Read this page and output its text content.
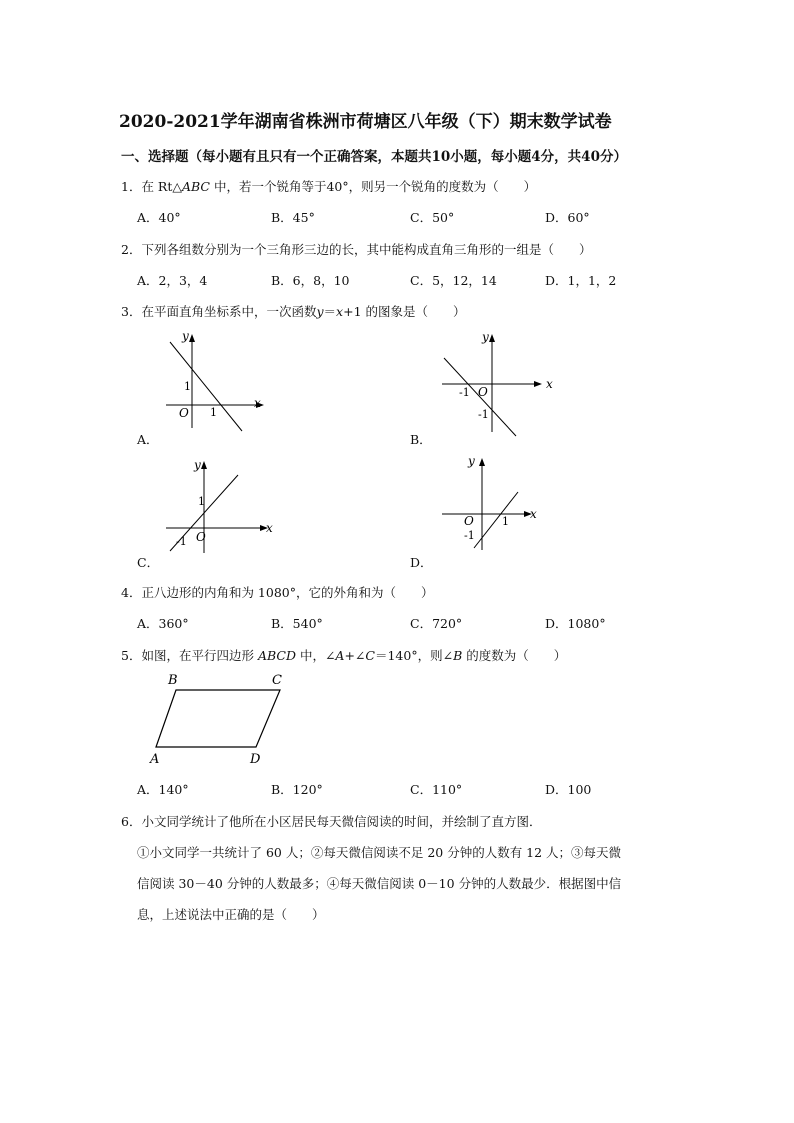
2020-2021学年湖南省株洲市荷塘区八年级（下）期末数学试卷
一、选择题（每小题有且只有一个正确答案，本题共10小题，每小题4分，共40分）
1．在 Rt△ABC 中，若一个锐角等于40°，则另一个锐角的度数为（　　）
A．40°	B．45°	C．50°	D．60°
2．下列各组数分别为一个三角形三边的长，其中能构成直角三角形的一组是（　　）
A．2，3，4	B．6，8，10	C．5，12，14	D．1，1，2
3．在平面直角坐标系中，一次函数y＝x+1 的图象是（　　）
x
y
O
1
1
A．
x
y
O
-1
-1
B．
x
y
O
1
-1
C．
x
y
O	1
-1
D．
4．正八边形的内角和为 1080°，它的外角和为（　　）
A．360°	B．540°	C．720°	D．1080°
5．如图，在平行四边形 ABCD 中，∠A+∠C＝140°，则∠B 的度数为（　　）
B	C
A	D
A．140°	B．120°	C．110°	D．100
6．小文同学统计了他所在小区居民每天微信阅读的时间，并绘制了直方图．
①小文同学一共统计了 60 人；②每天微信阅读不足 20 分钟的人数有 12 人；③每天微
信阅读 30－40 分钟的人数最多；④每天微信阅读 0－10 分钟的人数最少．根据图中信
息，上述说法中正确的是（　　）
